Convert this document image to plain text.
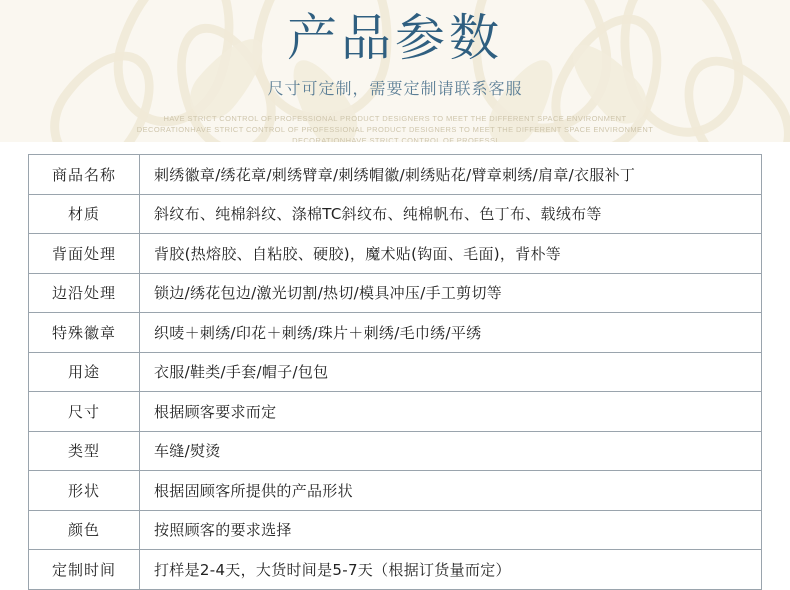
产品参数
尺寸可定制，需要定制请联系客服
HAVE STRICT CONTROL OF PROFESSIONAL PRODUCT DESIGNERS TO MEET THE DIFFERENT SPACE ENVIRONMENT DECORATIONHAVE STRICT CONTROL OF PROFESSIONAL PRODUCT DESIGNERS TO MEET THE DIFFERENT SPACE ENVIRONMENT DECORATIONHAVE STRICT CONTROL OF PROFESSI
商品名称	刺绣徽章/绣花章/刺绣臂章/刺绣帽徽/刺绣贴花/臂章刺绣/肩章/衣服补丁
材质	斜纹布、纯棉斜纹、涤棉TC斜纹布、纯棉帆布、色丁布、载绒布等
背面处理	背胶(热熔胶、自粘胶、硬胶)，魔术贴(钩面、毛面)，背朴等
边沿处理	锁边/绣花包边/激光切割/热切/模具冲压/手工剪切等
特殊徽章	织唛＋刺绣/印花＋刺绣/珠片＋刺绣/毛巾绣/平绣
用途	衣服/鞋类/手套/帽子/包包
尺寸	根据顾客要求而定
类型	车缝/熨烫
形状	根据固顾客所提供的产品形状
颜色	按照顾客的要求选择
定制时间	打样是2-4天，大货时间是5-7天（根据订货量而定）
